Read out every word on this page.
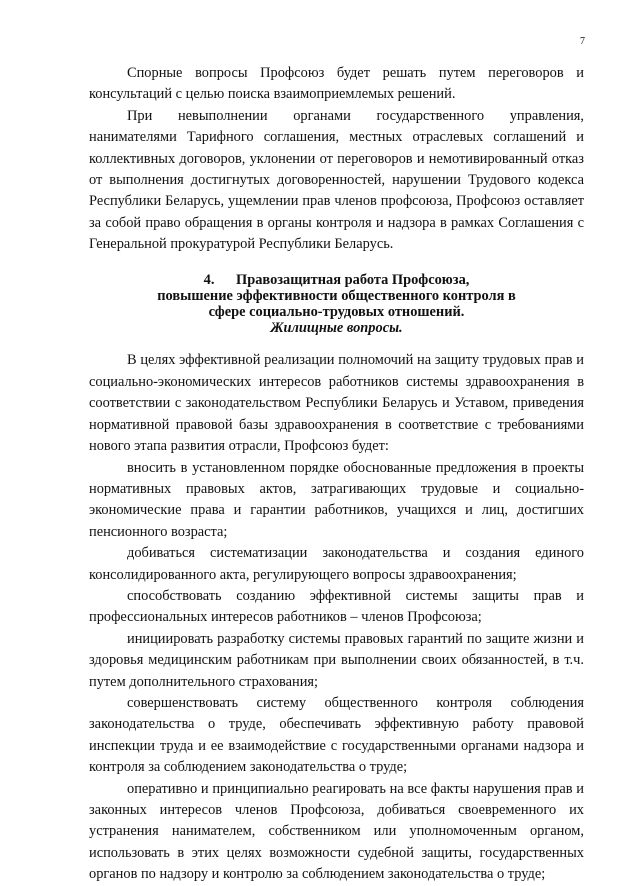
7

Спорные вопросы Профсоюз будет решать путем переговоров и консультаций с целью поиска взаимоприемлемых решений.

При невыполнении органами государственного управления, нанимателями Тарифного соглашения, местных отраслевых соглашений и коллективных договоров, уклонении от переговоров и немотивированный отказ от выполнения достигнутых договоренностей, нарушении Трудового кодекса Республики Беларусь, ущемлении прав членов профсоюза, Профсоюз оставляет за собой право обращения в органы контроля и надзора в рамках Соглашения с Генеральной прокуратурой Республики Беларусь.

4.      Правозащитная работа Профсоюза,
повышение эффективности общественного контроля в
сфере социально-трудовых отношений.
Жилищные вопросы.

В целях эффективной реализации полномочий на защиту трудовых прав и социально-экономических интересов работников системы здравоохранения в соответствии с законодательством Республики Беларусь и Уставом, приведения нормативной правовой базы здравоохранения в соответствие с требованиями нового этапа развития отрасли, Профсоюз будет:

вносить в установленном порядке обоснованные предложения в проекты нормативных правовых актов, затрагивающих трудовые и социально-экономические права и гарантии работников, учащихся и лиц, достигших пенсионного возраста;

добиваться систематизации законодательства и создания единого консолидированного акта, регулирующего вопросы здравоохранения;

способствовать созданию эффективной системы защиты прав и профессиональных интересов работников – членов Профсоюза;

инициировать разработку системы правовых гарантий по защите жизни и здоровья медицинским работникам при выполнении своих обязанностей, в т.ч. путем дополнительного страхования;

совершенствовать систему общественного контроля соблюдения законодательства о труде, обеспечивать эффективную работу правовой инспекции труда и ее взаимодействие с государственными органами надзора и контроля за соблюдением законодательства о труде;

оперативно и принципиально реагировать на все факты нарушения прав и законных интересов членов Профсоюза, добиваться своевременного их устранения нанимателем, собственником или уполномоченным органом, использовать в этих целях возможности судебной защиты, государственных органов по надзору и контролю за соблюдением законодательства о труде;
